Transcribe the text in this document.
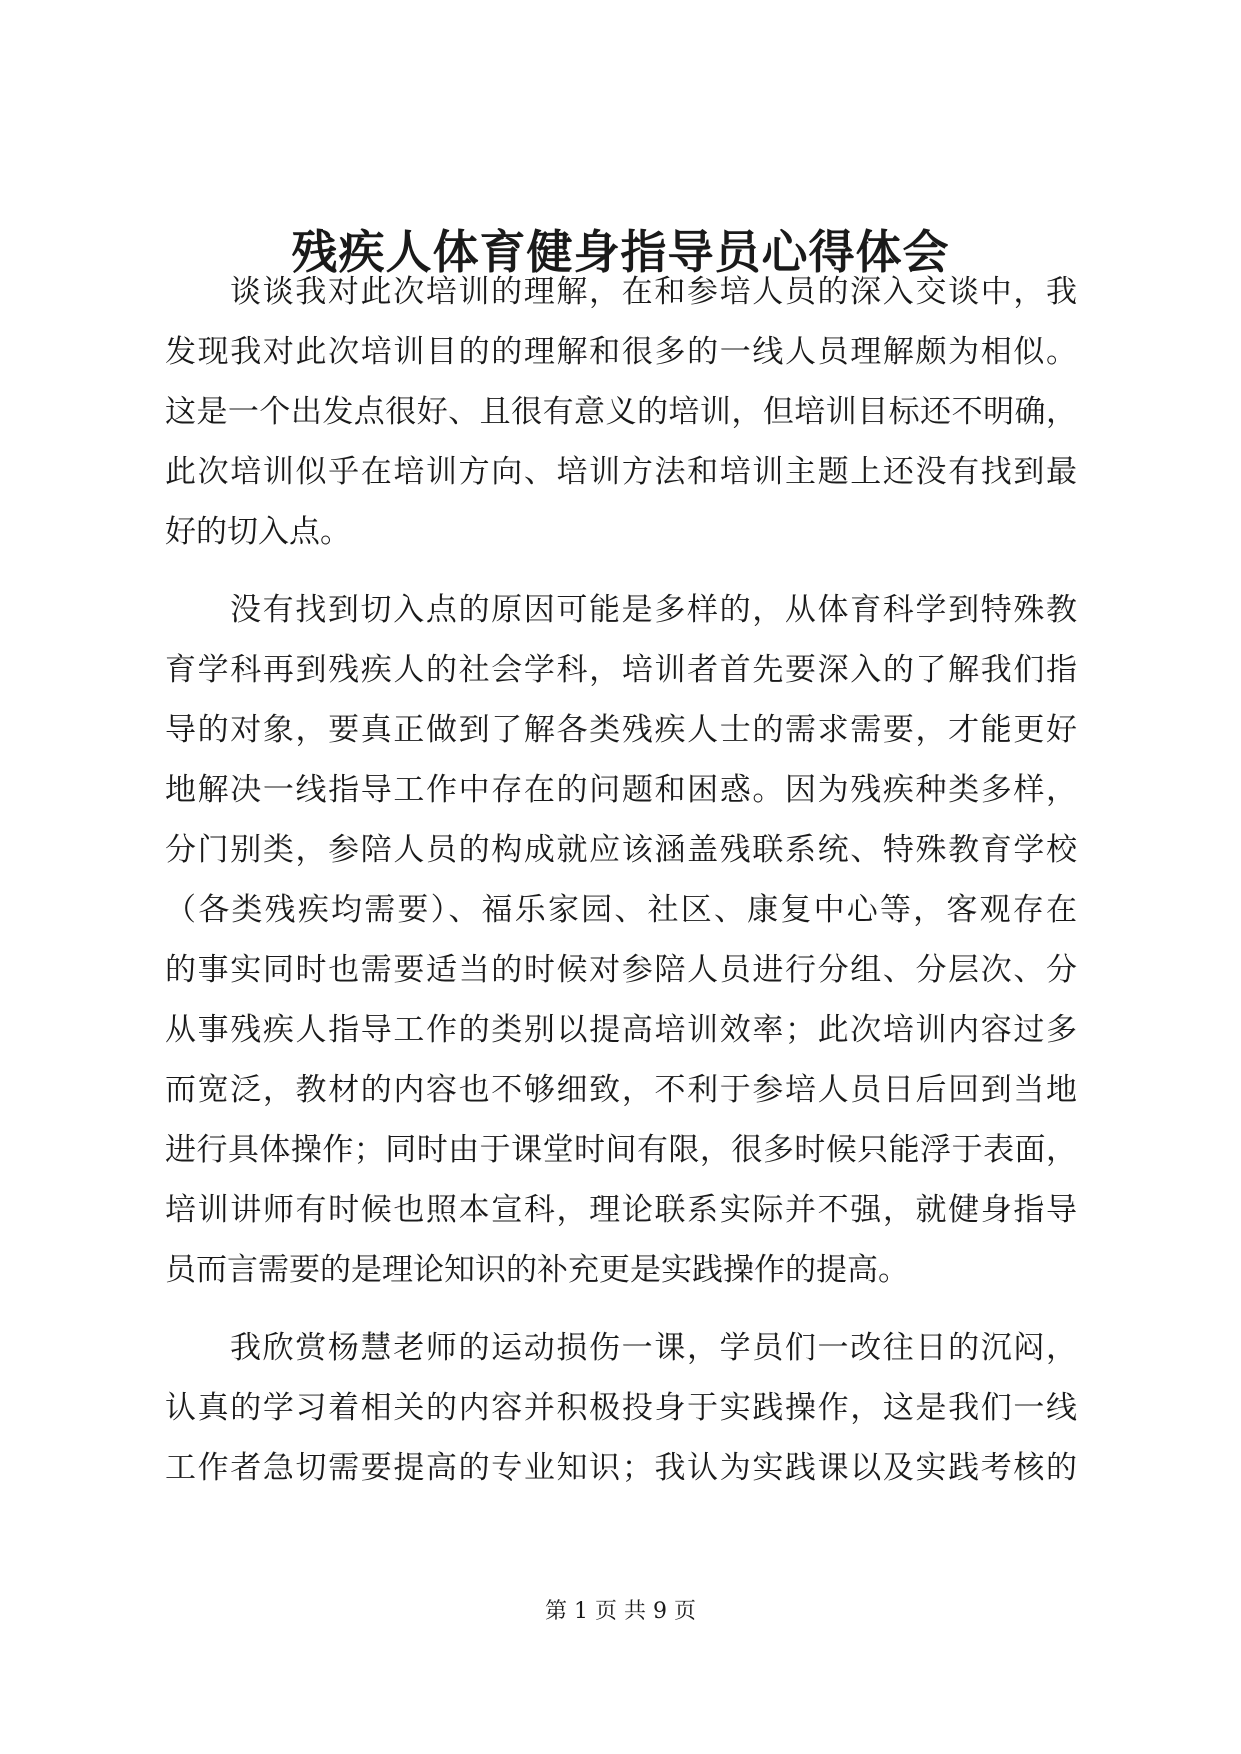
残疾人体育健身指导员心得体会
谈谈我对此次培训的理解，在和参培人员的深入交谈中，我
发现我对此次培训目的的理解和很多的一线人员理解颇为相似。
这是一个出发点很好、且很有意义的培训，但培训目标还不明确，
此次培训似乎在培训方向、培训方法和培训主题上还没有找到最
好的切入点。
没有找到切入点的原因可能是多样的，从体育科学到特殊教
育学科再到残疾人的社会学科，培训者首先要深入的了解我们指
导的对象，要真正做到了解各类残疾人士的需求需要，才能更好
地解决一线指导工作中存在的问题和困惑。因为残疾种类多样，
分门别类，参陪人员的构成就应该涵盖残联系统、特殊教育学校
（各类残疾均需要）、福乐家园、社区、康复中心等，客观存在
的事实同时也需要适当的时候对参陪人员进行分组、分层次、分
从事残疾人指导工作的类别以提高培训效率；此次培训内容过多
而宽泛，教材的内容也不够细致，不利于参培人员日后回到当地
进行具体操作；同时由于课堂时间有限，很多时候只能浮于表面，
培训讲师有时候也照本宣科，理论联系实际并不强，就健身指导
员而言需要的是理论知识的补充更是实践操作的提高。
我欣赏杨慧老师的运动损伤一课，学员们一改往日的沉闷，
认真的学习着相关的内容并积极投身于实践操作，这是我们一线
工作者急切需要提高的专业知识；我认为实践课以及实践考核的
第 1 页 共 9 页
